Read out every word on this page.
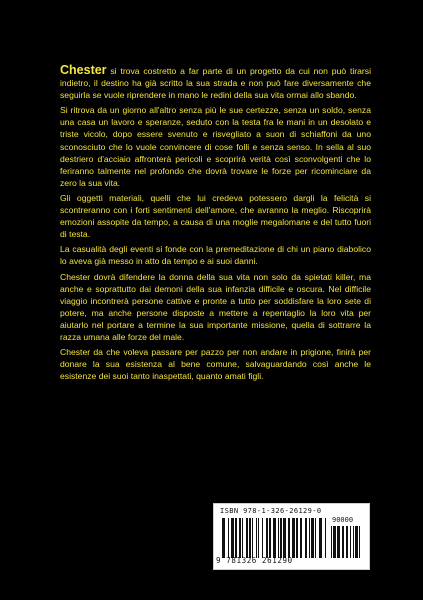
Chester si trova costretto a far parte di un progetto da cui non può tirarsi indietro, il destino ha già scritto la sua strada e non può fare diversamente che seguirla se vuole riprendere in mano le redini della sua vita ormai allo sbando.

Si ritrova da un giorno all'altro senza più le sue certezze, senza un soldo, senza una casa un lavoro e speranze, seduto con la testa fra le mani in un desolato e triste vicolo, dopo essere svenuto e risvegliato a suon di schiaffoni da uno sconosciuto che lo vuole convincere di cose folli e senza senso. In sella al suo destriero d'acciaio affronterà pericoli e scoprirà verità così sconvolgenti che lo feriranno talmente nel profondo che dovrà trovare le forze per ricominciare da zero la sua vita.

Gli oggetti materiali, quelli che lui credeva potessero dargli la felicità si scontreranno con i forti sentimenti dell'amore, che avranno la meglio. Riscoprirà emozioni assopite da tempo, a causa di una moglie megalomane e del tutto fuori di testa.

La casualità degli eventi si fonde con la premeditazione di chi un piano diabolico lo aveva già messo in atto da tempo e ai suoi danni.

Chester dovrà difendere la donna della sua vita non solo da spietati killer, ma anche e soprattutto dai demoni della sua infanzia difficile e oscura. Nel difficile viaggio incontrerà persone cattive e pronte a tutto per soddisfare la loro sete di potere, ma anche persone disposte a mettere a repentaglio la loro vita per aiutarlo nel portare a termine la sua importante missione, quella di sottrarre la razza umana alle forze del male.

Chester da che voleva passare per pazzo per non andare in prigione, finirà per donare la sua esistenza al bene comune, salvaguardando così anche le esistenze dei suoi tanto inaspettati, quanto amati figli.

ISBN 978-1-326-26129-0
90000
9 781326 261290
